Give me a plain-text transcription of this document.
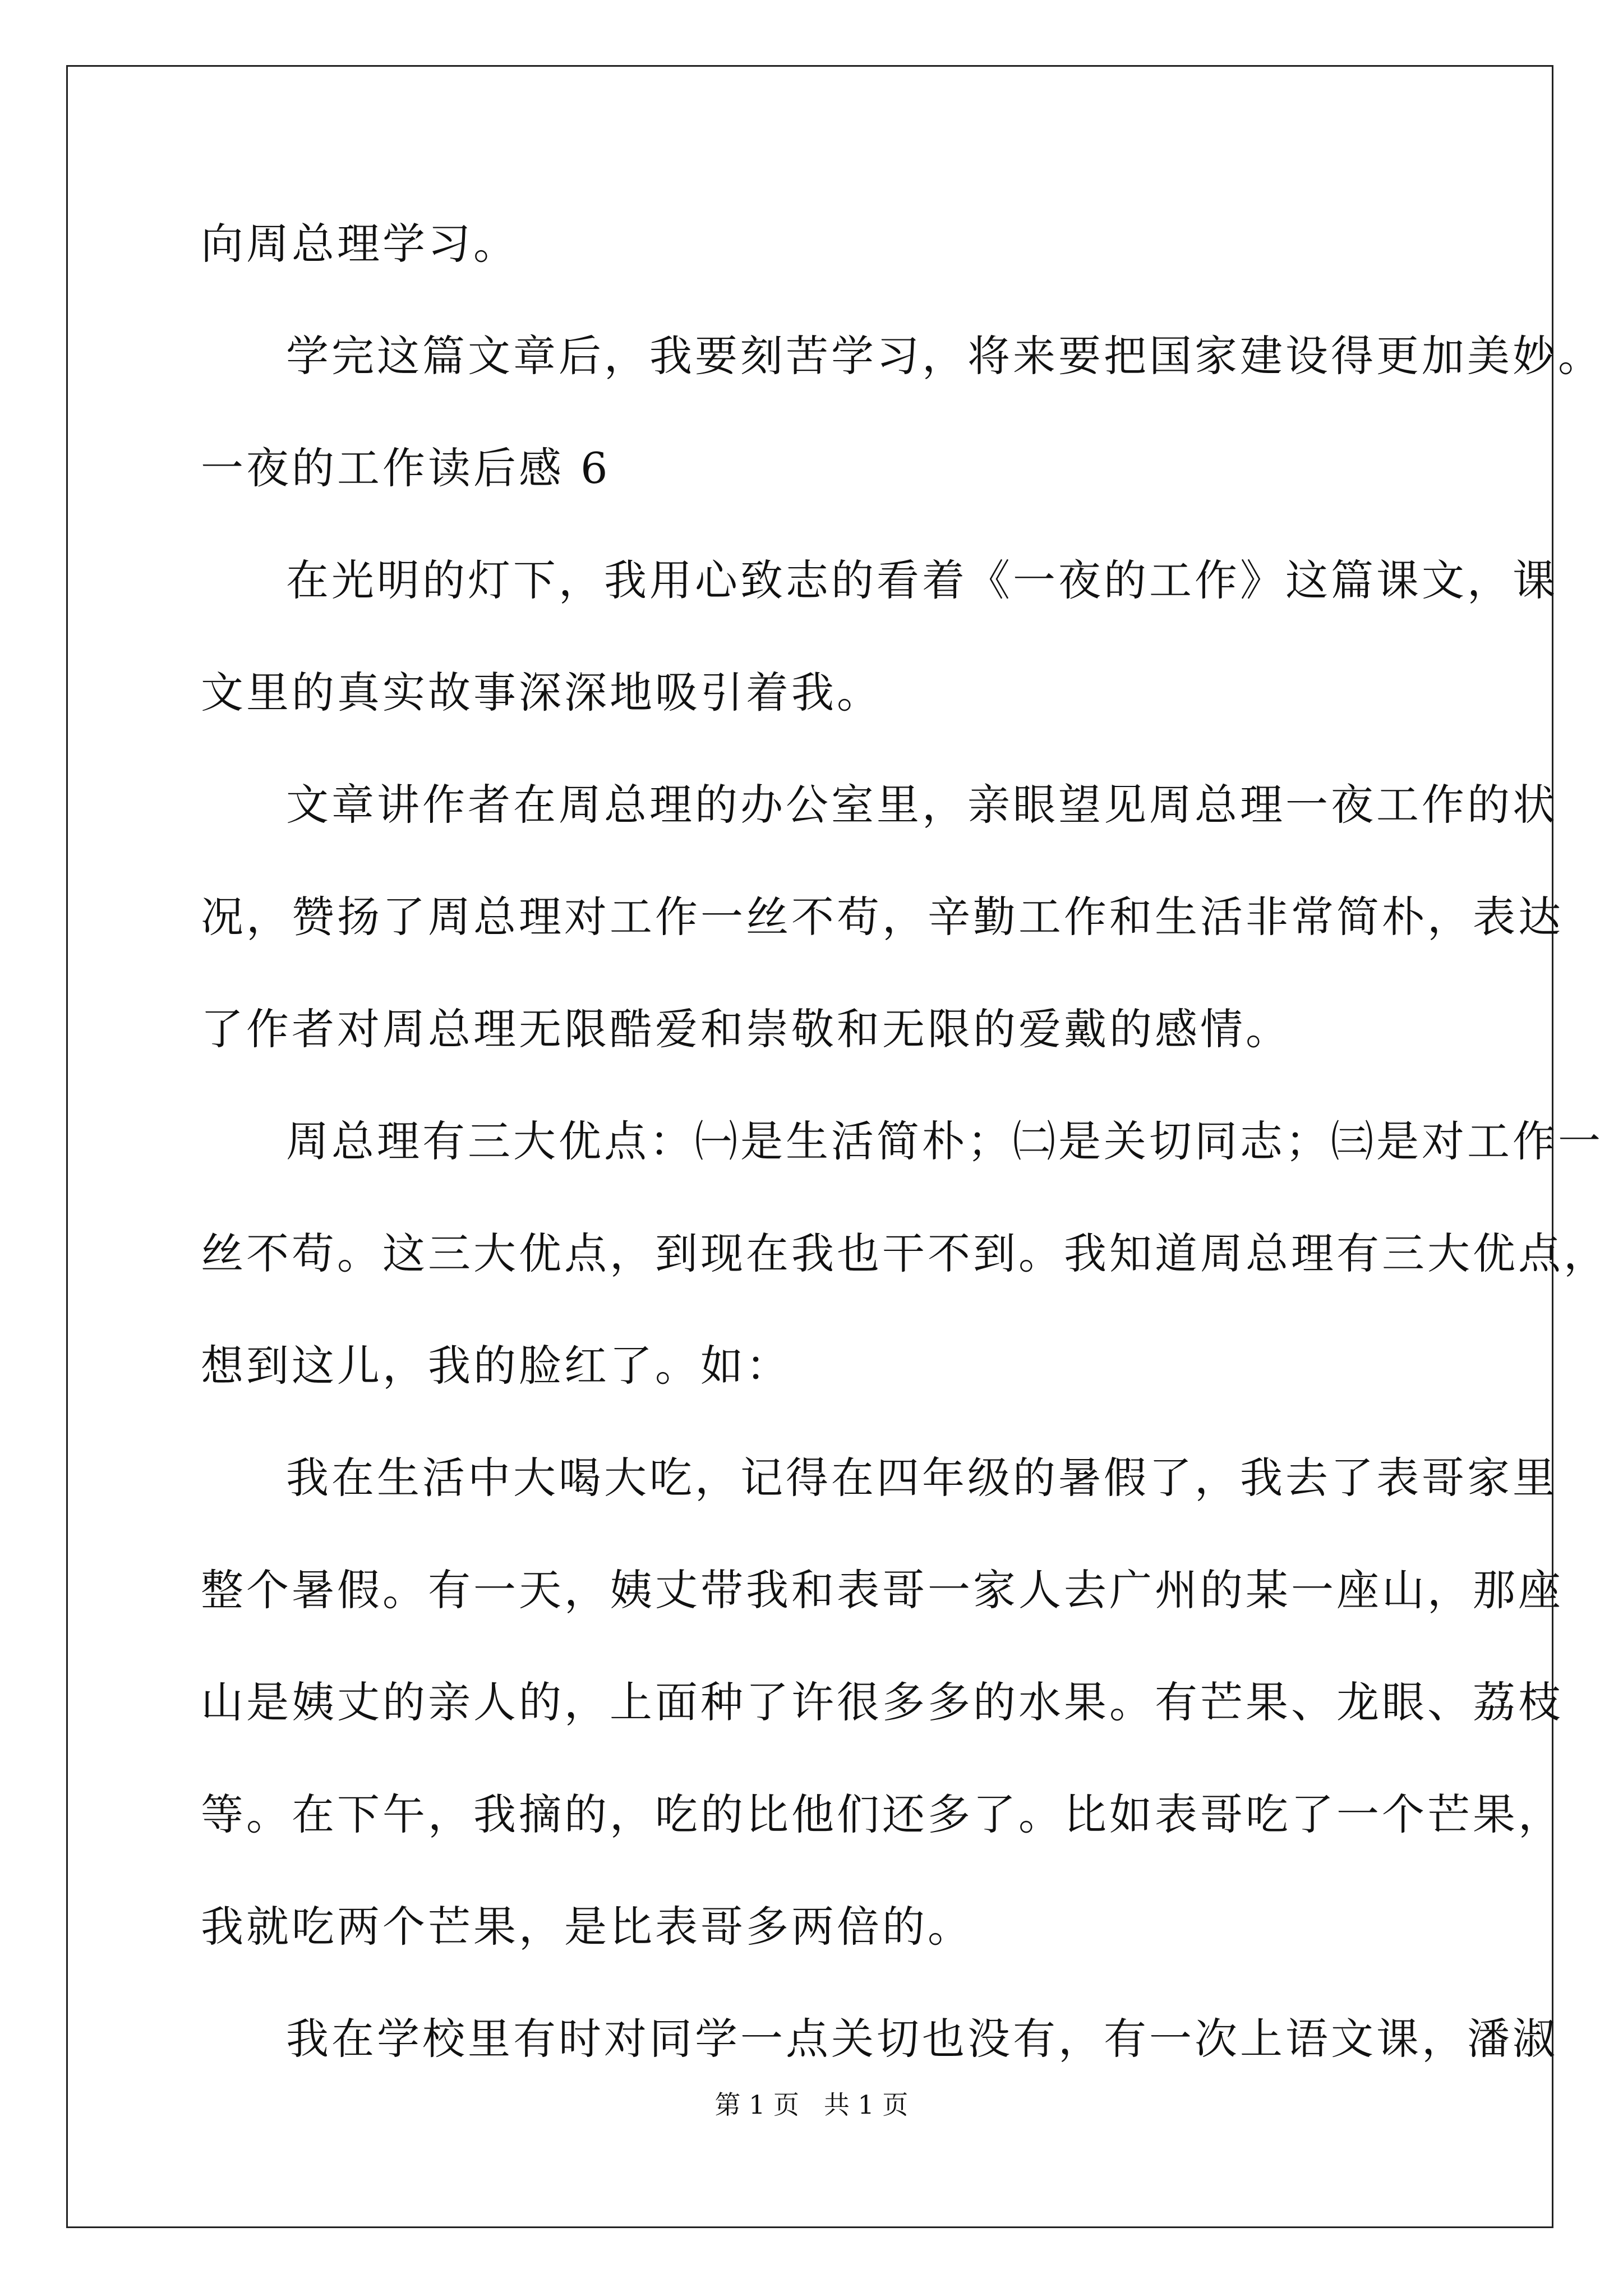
向周总理学习。
学完这篇文章后，我要刻苦学习，将来要把国家建设得更加美妙。
一夜的工作读后感 6
在光明的灯下，我用心致志的看着《一夜的工作》这篇课文，课
文里的真实故事深深地吸引着我。
文章讲作者在周总理的办公室里，亲眼望见周总理一夜工作的状
况，赞扬了周总理对工作一丝不苟，辛勤工作和生活非常简朴，表达
了作者对周总理无限酷爱和崇敬和无限的爱戴的感情。
周总理有三大优点：㈠是生活简朴；㈡是关切同志；㈢是对工作一
丝不苟。这三大优点，到现在我也干不到。我知道周总理有三大优点，
想到这儿，我的脸红了。如：
我在生活中大喝大吃，记得在四年级的暑假了，我去了表哥家里
整个暑假。有一天，姨丈带我和表哥一家人去广州的某一座山，那座
山是姨丈的亲人的，上面种了许很多多的水果。有芒果、龙眼、荔枝
等。在下午，我摘的，吃的比他们还多了。比如表哥吃了一个芒果，
我就吃两个芒果，是比表哥多两倍的。
我在学校里有时对同学一点关切也没有，有一次上语文课，潘淑
第 1 页   共 1 页
